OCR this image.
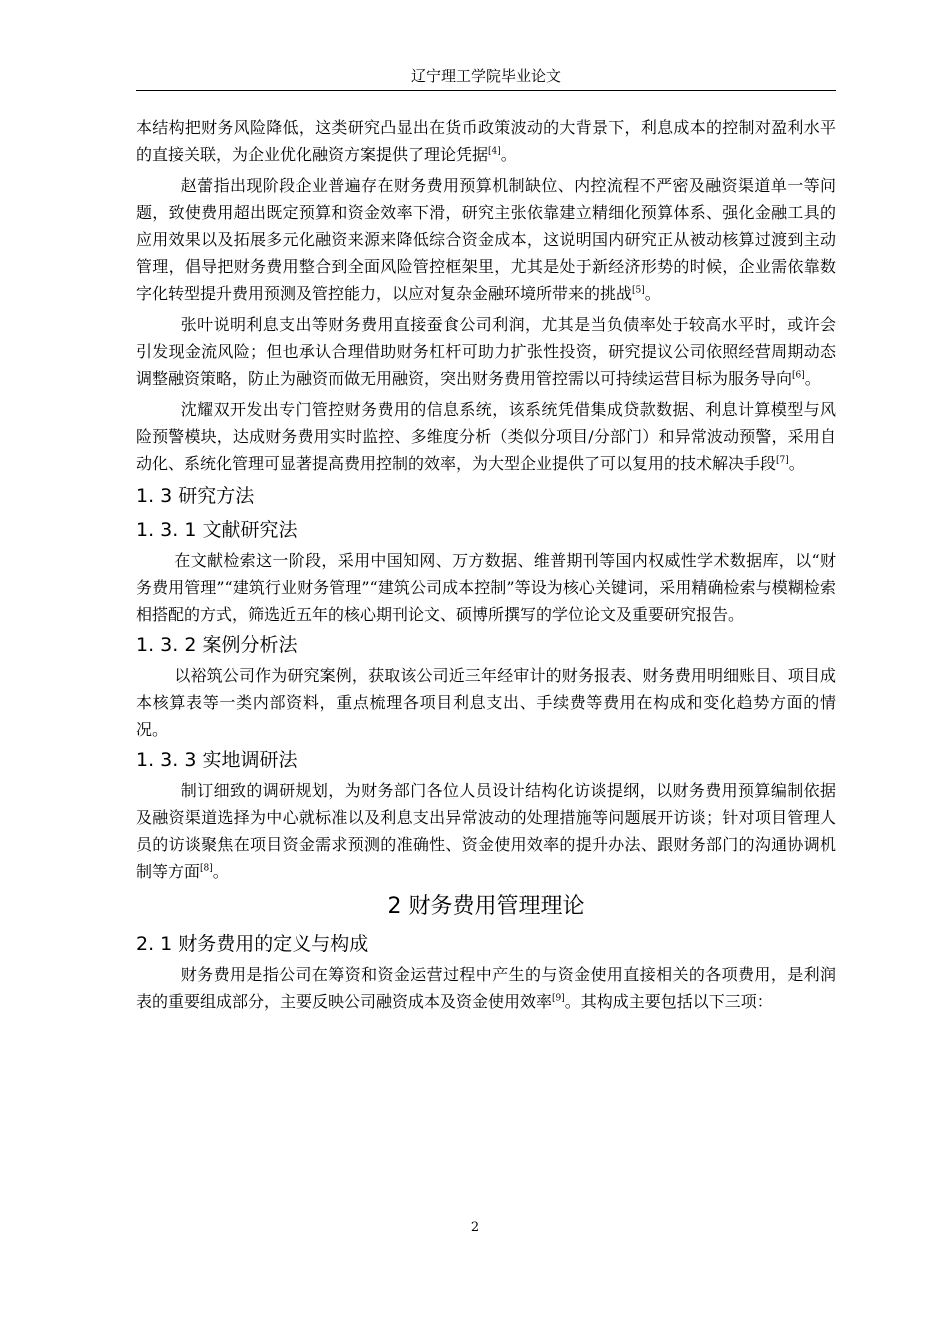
辽宁理工学院毕业论文

本结构把财务风险降低，这类研究凸显出在货币政策波动的大背景下，利息成本的控制对盈利水平的直接关联，为企业优化融资方案提供了理论凭据[4]。

赵蕾指出现阶段企业普遍存在财务费用预算机制缺位、内控流程不严密及融资渠道单一等问题，致使费用超出既定预算和资金效率下滑，研究主张依靠建立精细化预算体系、强化金融工具的应用效果以及拓展多元化融资来源来降低综合资金成本，这说明国内研究正从被动核算过渡到主动管理，倡导把财务费用整合到全面风险管控框架里，尤其是处于新经济形势的时候，企业需依靠数字化转型提升费用预测及管控能力，以应对复杂金融环境所带来的挑战[5]。

张叶说明利息支出等财务费用直接蚕食公司利润，尤其是当负债率处于较高水平时，或许会引发现金流风险；但也承认合理借助财务杠杆可助力扩张性投资，研究提议公司依照经营周期动态调整融资策略，防止为融资而做无用融资，突出财务费用管控需以可持续运营目标为服务导向[6]。

沈耀双开发出专门管控财务费用的信息系统，该系统凭借集成贷款数据、利息计算模型与风险预警模块，达成财务费用实时监控、多维度分析（类似分项目/分部门）和异常波动预警，采用自动化、系统化管理可显著提高费用控制的效率，为大型企业提供了可以复用的技术解决手段[7]。

1. 3 研究方法
1. 3. 1 文献研究法

在文献检索这一阶段，采用中国知网、万方数据、维普期刊等国内权威性学术数据库，以“财务费用管理”“建筑行业财务管理”“建筑公司成本控制”等设为核心关键词，采用精确检索与模糊检索相搭配的方式，筛选近五年的核心期刊论文、硕博所撰写的学位论文及重要研究报告。

1. 3. 2 案例分析法

以裕筑公司作为研究案例，获取该公司近三年经审计的财务报表、财务费用明细账目、项目成本核算表等一类内部资料，重点梳理各项目利息支出、手续费等费用在构成和变化趋势方面的情况。

1. 3. 3 实地调研法

制订细致的调研规划，为财务部门各位人员设计结构化访谈提纲，以财务费用预算编制依据及融资渠道选择为中心就标准以及利息支出异常波动的处理措施等问题展开访谈；针对项目管理人员的访谈聚焦在项目资金需求预测的准确性、资金使用效率的提升办法、跟财务部门的沟通协调机制等方面[8]。

2 财务费用管理理论
2. 1 财务费用的定义与构成

财务费用是指公司在筹资和资金运营过程中产生的与资金使用直接相关的各项费用，是利润表的重要组成部分，主要反映公司融资成本及资金使用效率[9]。其构成主要包括以下三项：

2
